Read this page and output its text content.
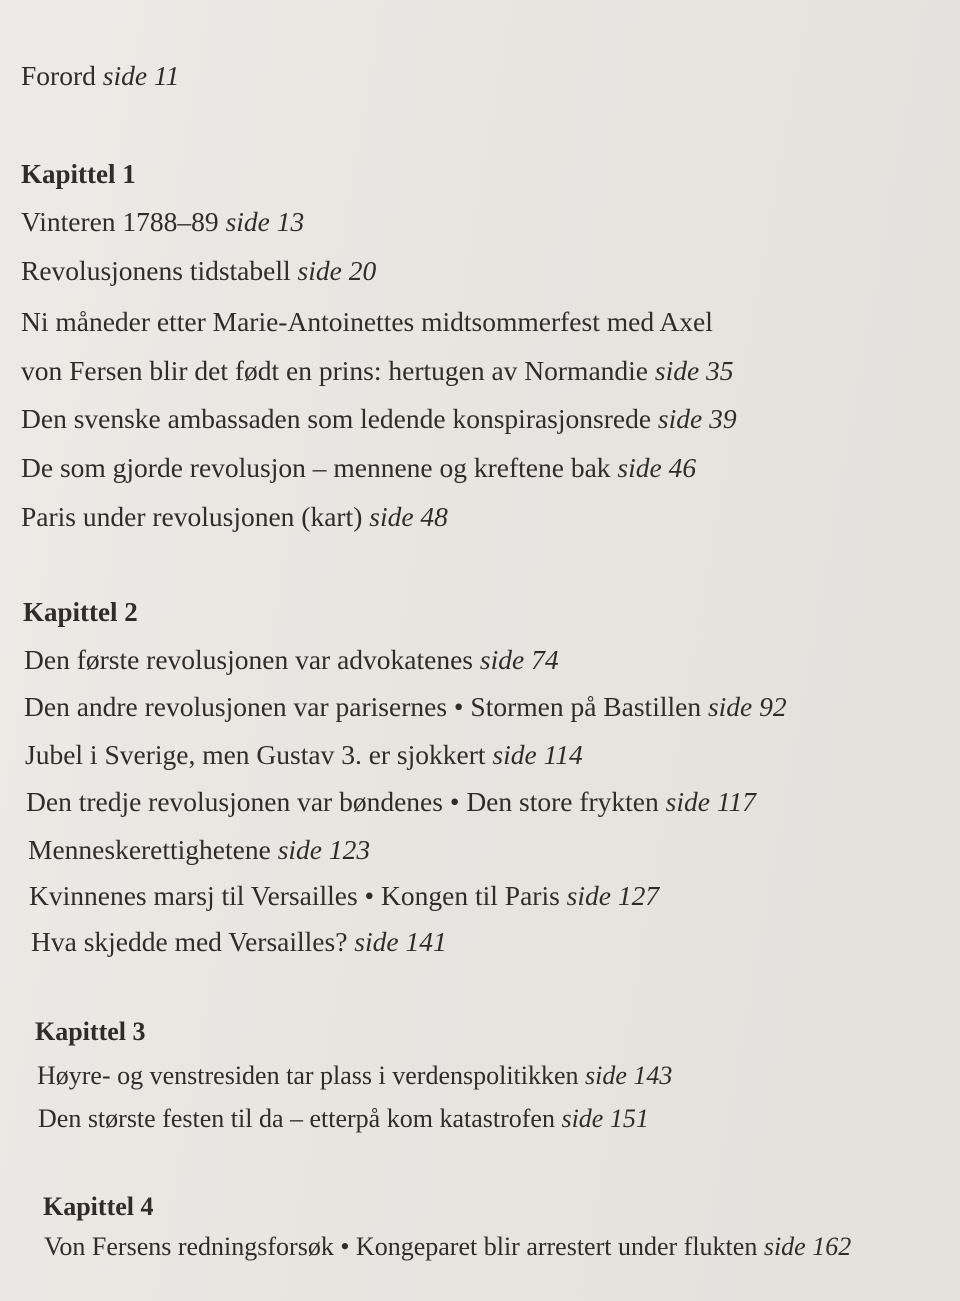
Forord side 11
Kapittel 1
Vinteren 1788–89 side 13
Revolusjonens tidstabell side 20
Ni måneder etter Marie-Antoinettes midtsommerfest med Axel
von Fersen blir det født en prins: hertugen av Normandie side 35
Den svenske ambassaden som ledende konspirasjonsrede side 39
De som gjorde revolusjon – mennene og kreftene bak side 46
Paris under revolusjonen (kart) side 48
Kapittel 2
Den første revolusjonen var advokatenes side 74
Den andre revolusjonen var parisernes • Stormen på Bastillen side 92
Jubel i Sverige, men Gustav 3. er sjokkert side 114
Den tredje revolusjonen var bøndenes • Den store frykten side 117
Menneskerettighetene side 123
Kvinnenes marsj til Versailles • Kongen til Paris side 127
Hva skjedde med Versailles? side 141
Kapittel 3
Høyre- og venstresiden tar plass i verdenspolitikken side 143
Den største festen til da – etterpå kom katastrofen side 151
Kapittel 4
Von Fersens redningsforsøk • Kongeparet blir arrestert under flukten side 162
